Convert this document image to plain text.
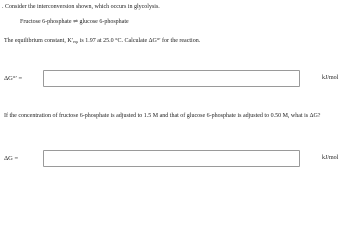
. Consider the interconversion shown, which occurs in glycolysis.
Fructose 6-phosphate ⇌ glucose 6-phosphate
The equilibrium constant, $K'_{eq}$, is 1.97 at 25.0 °C. Calculate ΔG°′ for the reaction.
ΔG°′ =	kJ/mol
If the concentration of fructose 6-phosphate is adjusted to 1.5 M and that of glucose 6-phosphate is adjusted to 0.50 M, what is ΔG?
ΔG =	kJ/mol
